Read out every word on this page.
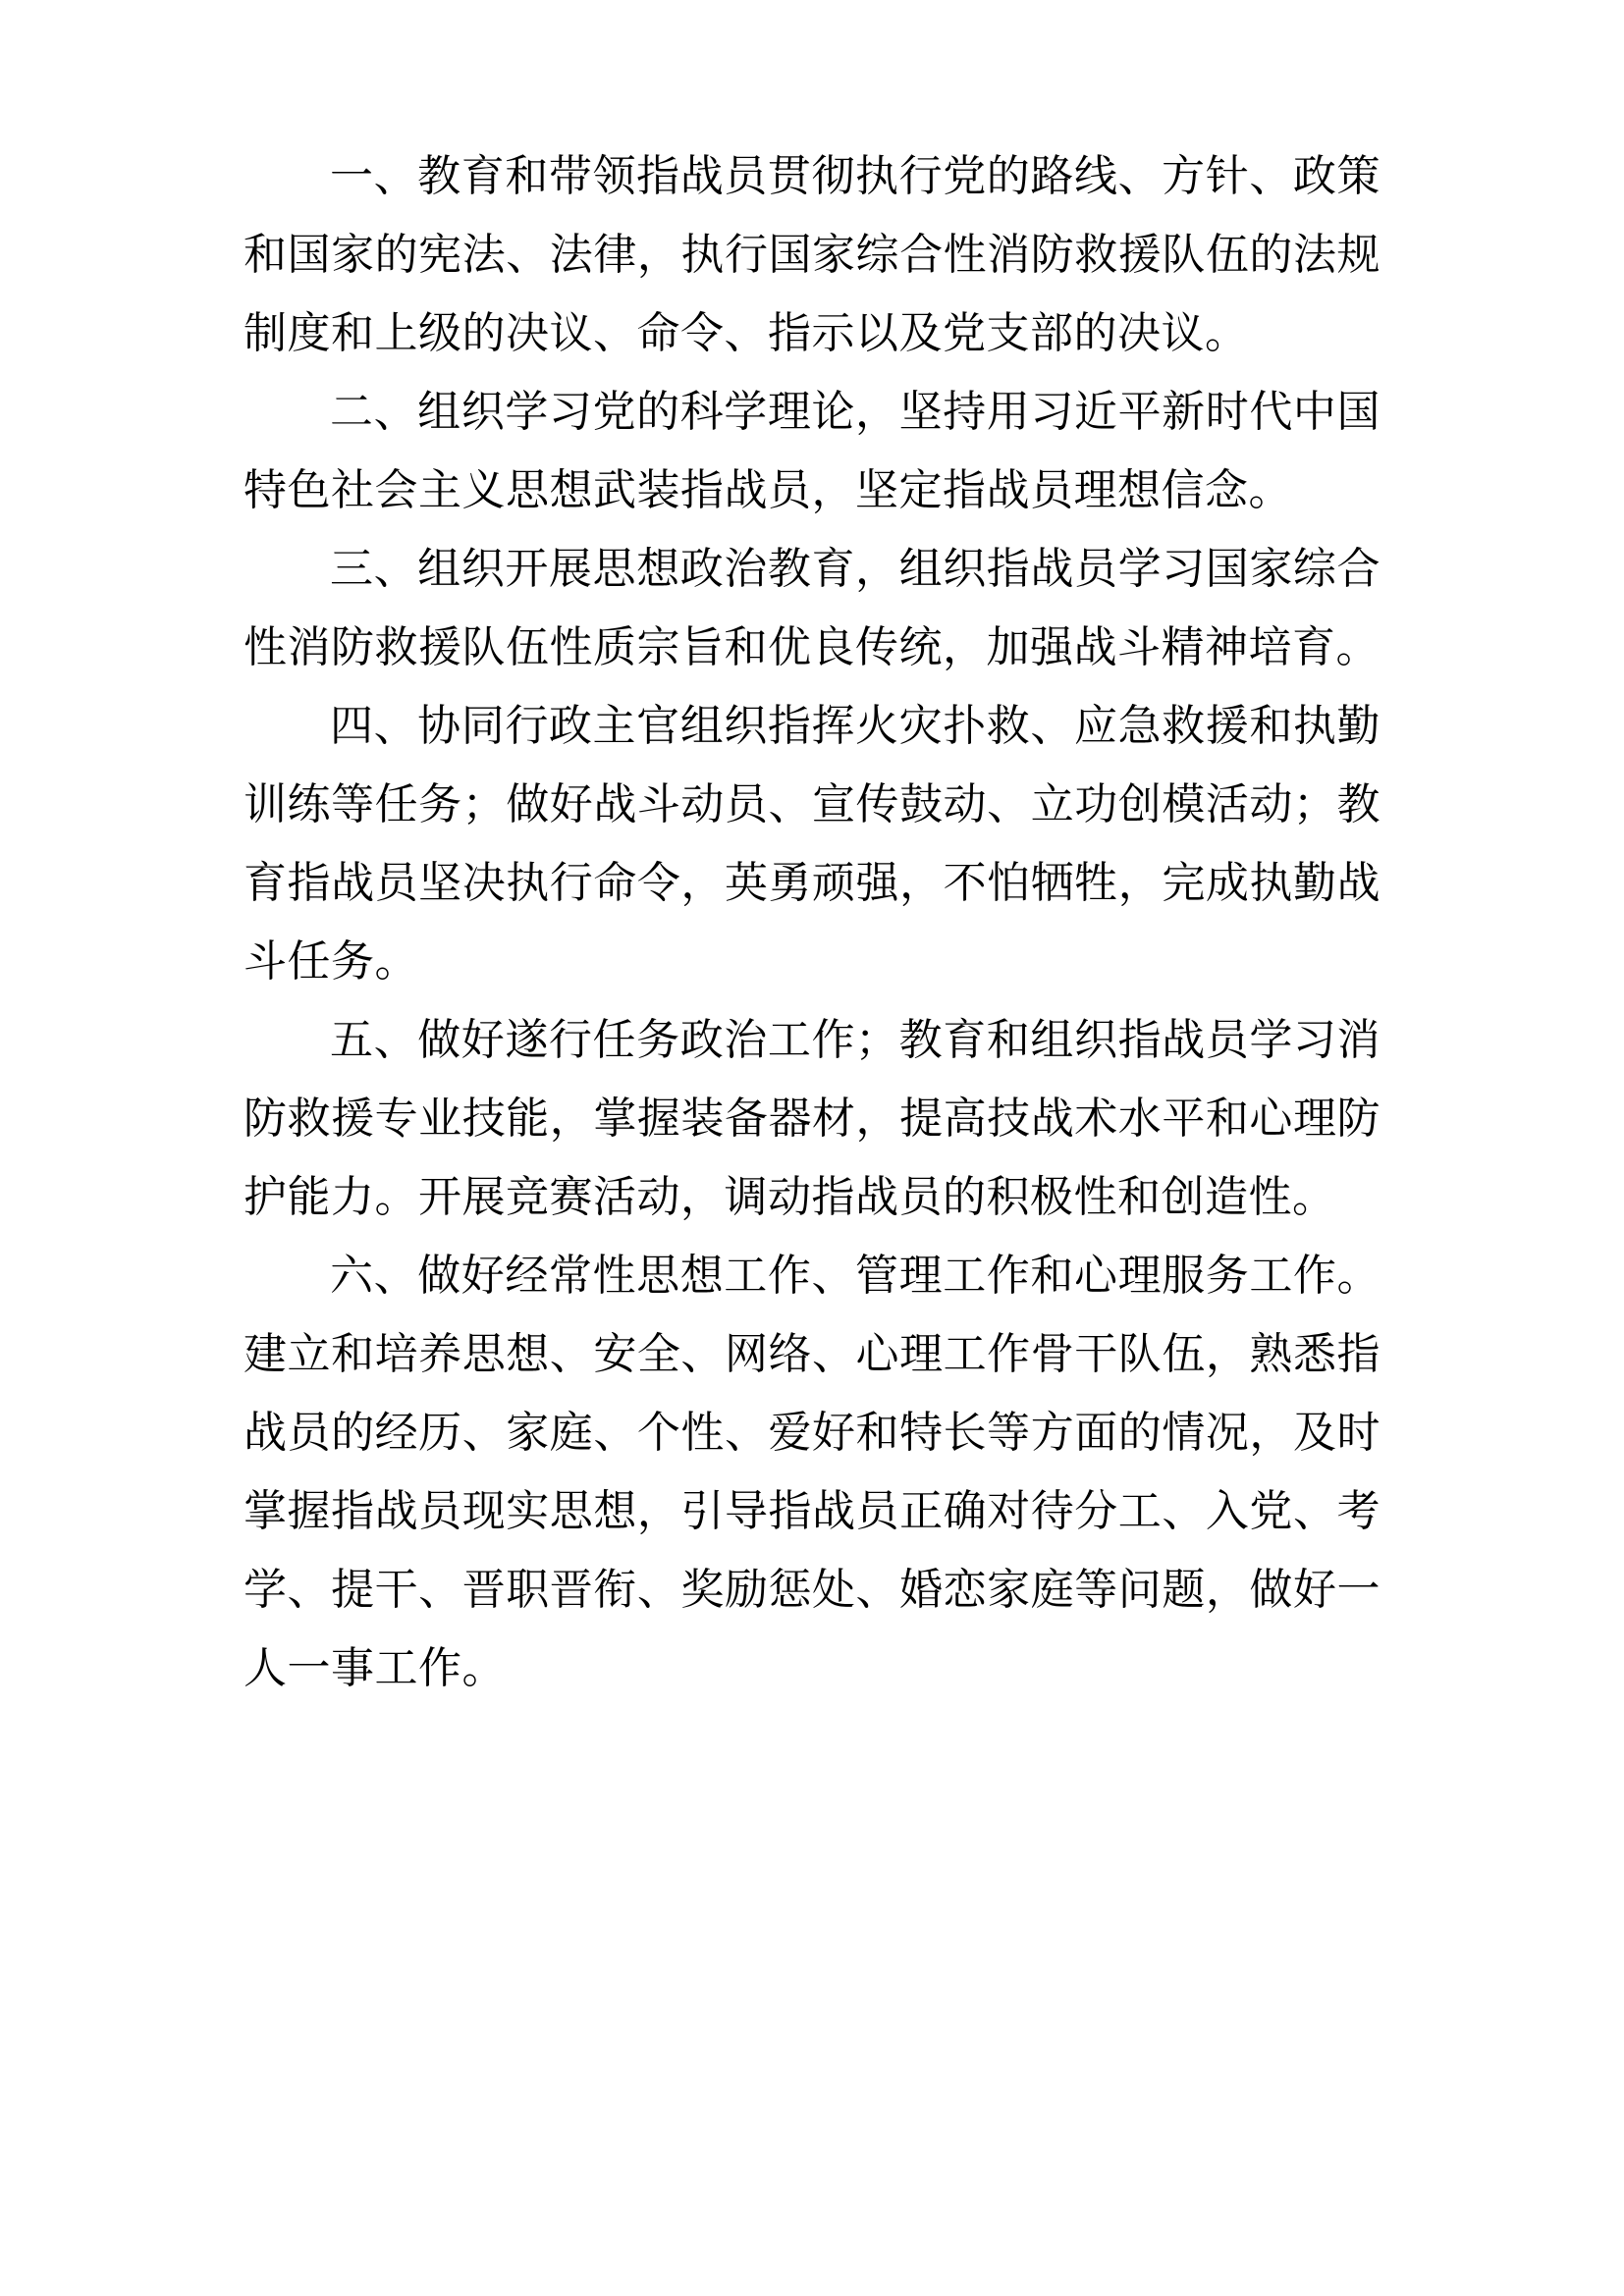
一、教育和带领指战员贯彻执行党的路线、方针、政策和国家的宪法、法律，执行国家综合性消防救援队伍的法规制度和上级的决议、命令、指示以及党支部的决议。

二、组织学习党的科学理论，坚持用习近平新时代中国特色社会主义思想武装指战员，坚定指战员理想信念。

三、组织开展思想政治教育，组织指战员学习国家综合性消防救援队伍性质宗旨和优良传统，加强战斗精神培育。

四、协同行政主官组织指挥火灾扑救、应急救援和执勤训练等任务；做好战斗动员、宣传鼓动、立功创模活动；教育指战员坚决执行命令，英勇顽强，不怕牺牲，完成执勤战斗任务。

五、做好遂行任务政治工作；教育和组织指战员学习消防救援专业技能，掌握装备器材，提高技战术水平和心理防护能力。开展竞赛活动，调动指战员的积极性和创造性。

六、做好经常性思想工作、管理工作和心理服务工作。建立和培养思想、安全、网络、心理工作骨干队伍，熟悉指战员的经历、家庭、个性、爱好和特长等方面的情况，及时掌握指战员现实思想，引导指战员正确对待分工、入党、考学、提干、晋职晋衔、奖励惩处、婚恋家庭等问题，做好一人一事工作。
